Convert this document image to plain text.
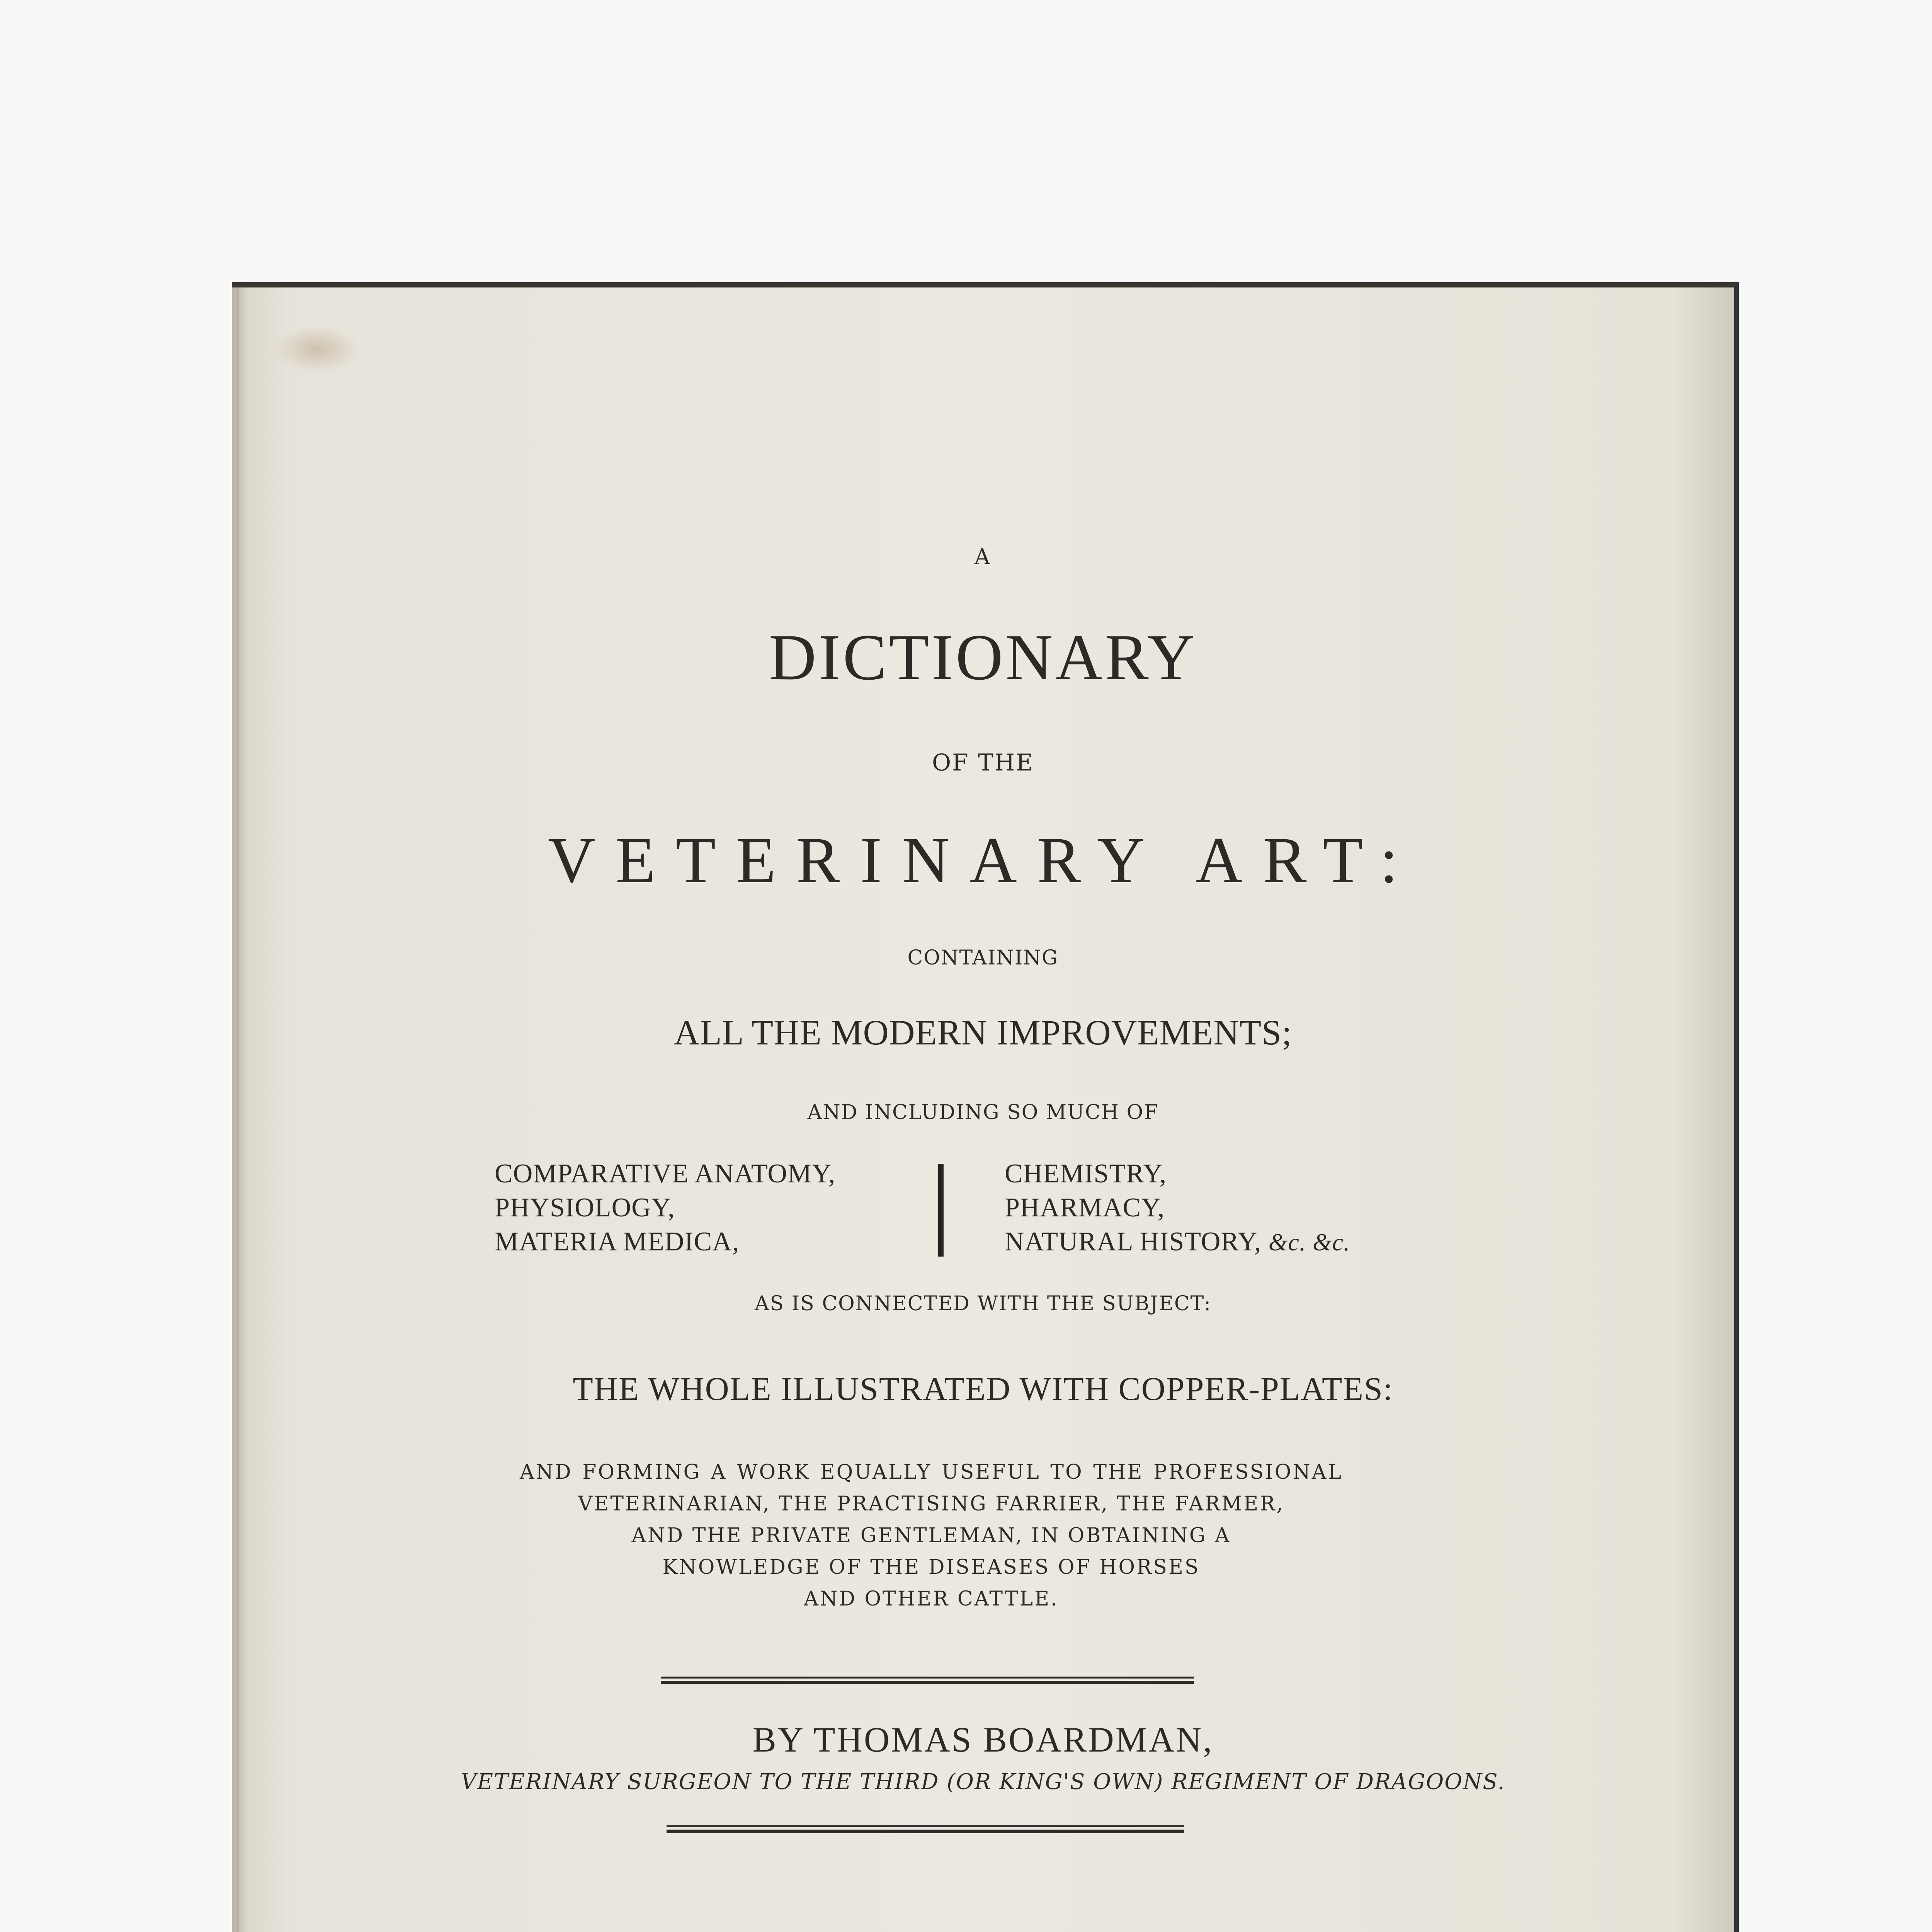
A
DICTIONARY
OF THE
VETERINARY ART:
CONTAINING
ALL THE MODERN IMPROVEMENTS;
AND INCLUDING SO MUCH OF
COMPARATIVE ANATOMY,
PHYSIOLOGY,
MATERIA MEDICA,
CHEMISTRY,
PHARMACY,
NATURAL HISTORY, &c. &c.
AS IS CONNECTED WITH THE SUBJECT:
THE WHOLE ILLUSTRATED WITH COPPER-PLATES:
AND FORMING A WORK EQUALLY USEFUL TO THE PROFESSIONAL
VETERINARIAN, THE PRACTISING FARRIER, THE FARMER,
AND THE PRIVATE GENTLEMAN, IN OBTAINING A
KNOWLEDGE OF THE DISEASES OF HORSES
AND OTHER CATTLE.
BY THOMAS BOARDMAN,
VETERINARY SURGEON TO THE THIRD (OR KING'S OWN) REGIMENT OF DRAGOONS.
